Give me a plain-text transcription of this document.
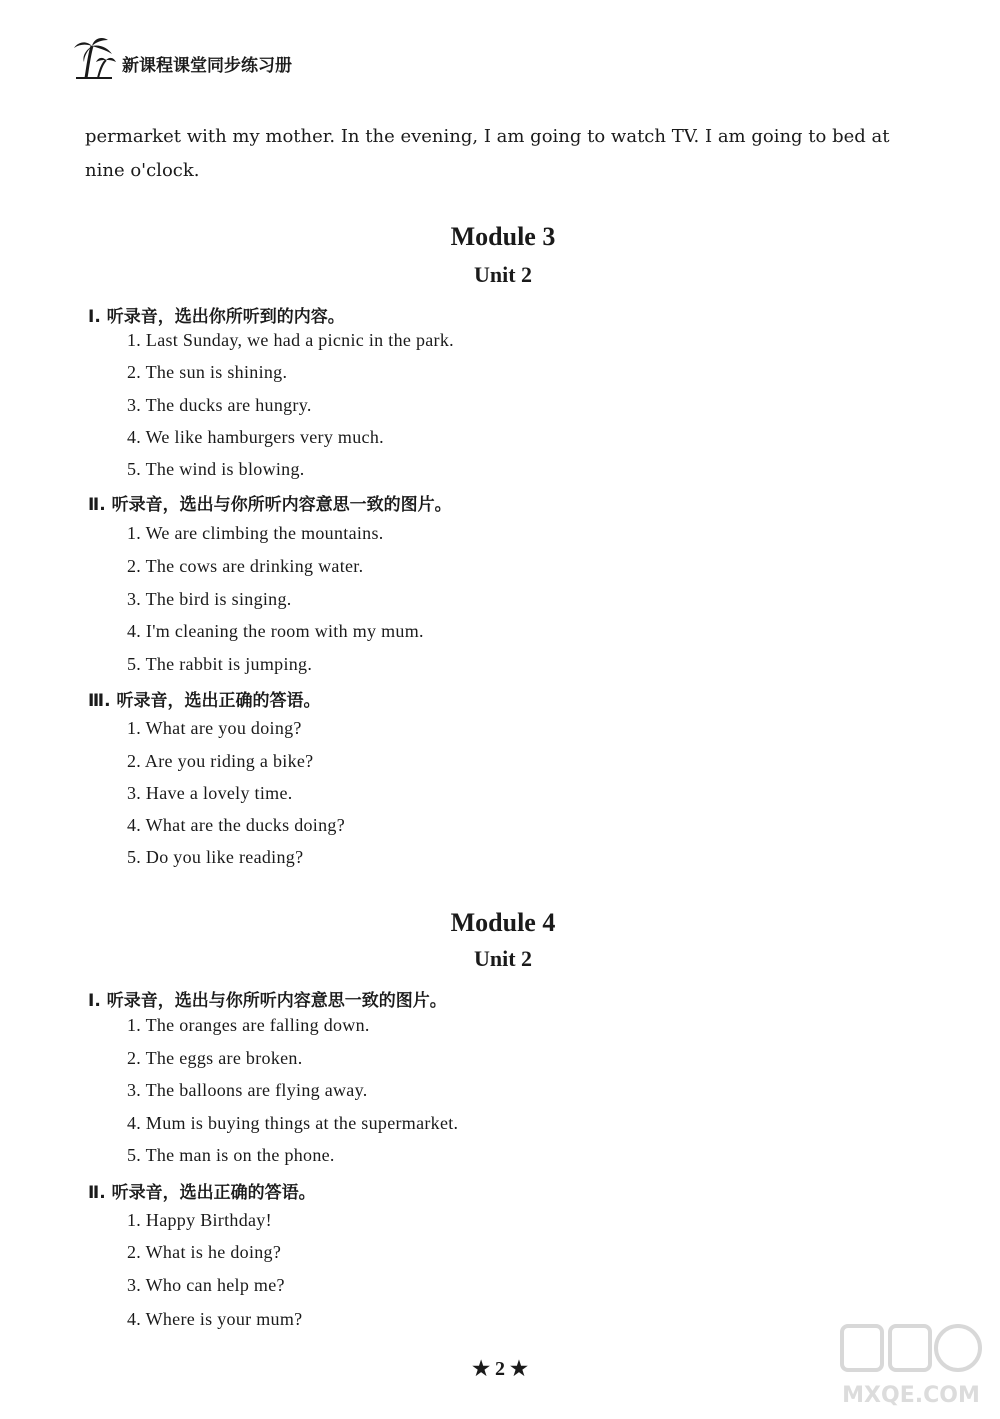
新课程课堂同步练习册
permarket with my mother. In the evening, I am going to watch TV. I am going to bed at
nine o'clock.
Module 3
Unit 2
Ⅰ. 听录音，选出你所听到的内容。
1. Last Sunday, we had a picnic in the park.
2. The sun is shining.
3. The ducks are hungry.
4. We like hamburgers very much.
5. The wind is blowing.
Ⅱ. 听录音，选出与你所听内容意思一致的图片。
1. We are climbing the mountains.
2. The cows are drinking water.
3. The bird is singing.
4. I'm cleaning the room with my mum.
5. The rabbit is jumping.
Ⅲ. 听录音，选出正确的答语。
1. What are you doing?
2. Are you riding a bike?
3. Have a lovely time.
4. What are the ducks doing?
5. Do you like reading?
Module 4
Unit 2
Ⅰ. 听录音，选出与你所听内容意思一致的图片。
1. The oranges are falling down.
2. The eggs are broken.
3. The balloons are flying away.
4. Mum is buying things at the supermarket.
5. The man is on the phone.
Ⅱ. 听录音，选出正确的答语。
1. Happy Birthday!
2. What is he doing?
3. Who can help me?
4. Where is your mum?
★ 2 ★
MXQE.COM
